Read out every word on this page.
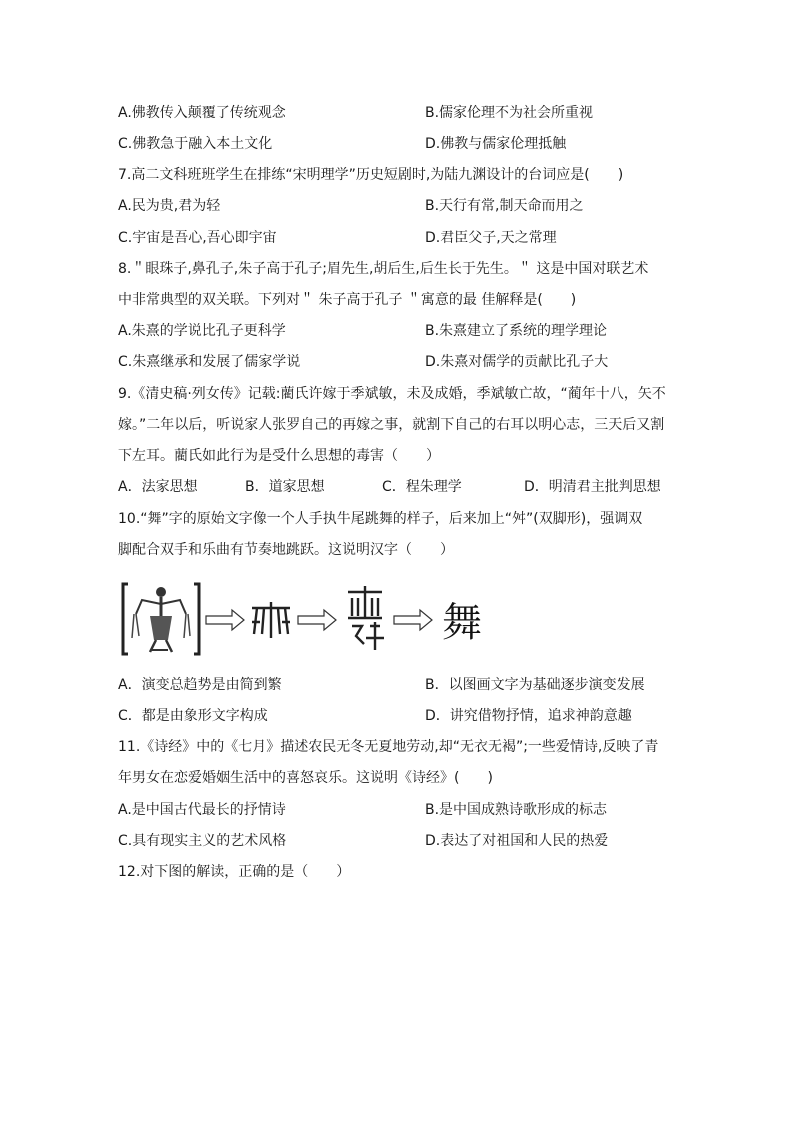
A.佛教传入颠覆了传统观念	B.儒家伦理不为社会所重视
C.佛教急于融入本土文化	D.佛教与儒家伦理抵触
7.高二文科班班学生在排练“宋明理学”历史短剧时,为陆九渊设计的台词应是(　　)
A.民为贵,君为轻	B.天行有常,制天命而用之
C.宇宙是吾心,吾心即宇宙	D.君臣父子,天之常理
8.＂眼珠子,鼻孔子,朱子高于孔子;眉先生,胡后生,后生长于先生。＂ 这是中国对联艺术
中非常典型的双关联。下列对＂ 朱子高于孔子 ＂寓意的最 佳解释是(　　)
A.朱熹的学说比孔子更科学	B.朱熹建立了系统的理学理论
C.朱熹继承和发展了儒家学说	D.朱熹对儒学的贡献比孔子大
9.《清史稿·列女传》记载:藺氏许嫁于季斌敏，未及成婚，季斌敏亡故，“蔺年十八，矢不
嫁。”二年以后，听说家人张罗自己的再嫁之事，就割下自己的右耳以明心志，三天后又割
下左耳。藺氏如此行为是受什么思想的毒害（　　）
A．法家思想	B．道家思想	C．程朱理学	D．明清君主批判思想
10.“舞”字的原始文字像一个人手执牛尾跳舞的样子，后来加上“舛”(双脚形)，强调双
脚配合双手和乐曲有节奏地跳跃。这说明汉字（　　）
舞
A．演变总趋势是由简到繁	B．以图画文字为基础逐步演变发展
C．都是由象形文字构成	D．讲究借物抒情，追求神韵意趣
11.《诗经》中的《七月》描述农民无冬无夏地劳动,却“无衣无褐”;一些爱情诗,反映了青
年男女在恋爱婚姻生活中的喜怒哀乐。这说明《诗经》(　　)
A.是中国古代最长的抒情诗	B.是中国成熟诗歌形成的标志
C.具有现实主义的艺术风格	D.表达了对祖国和人民的热爱
12.对下图的解读，正确的是（　　）
